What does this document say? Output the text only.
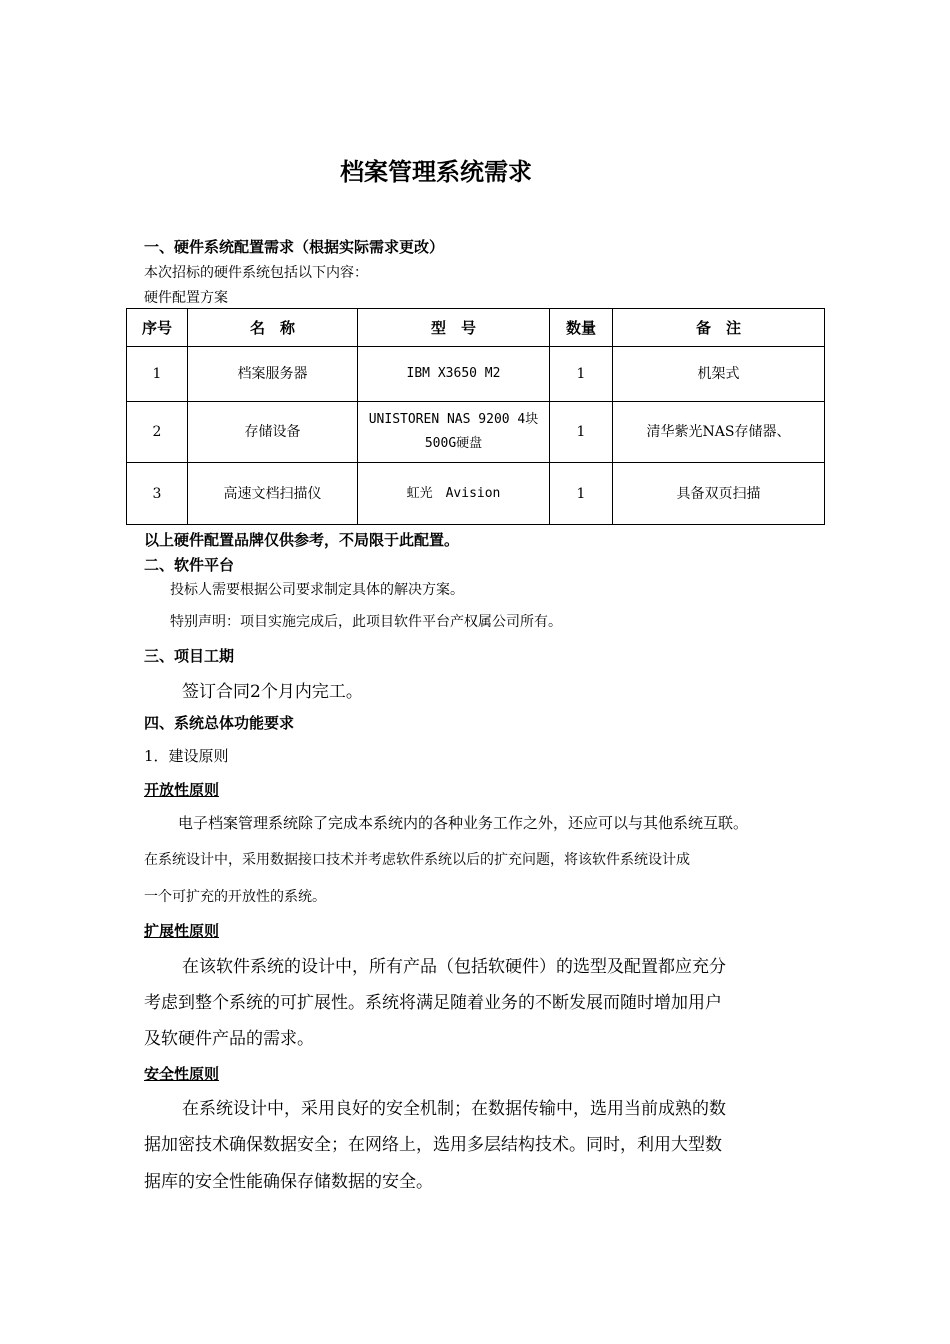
档案管理系统需求
一、硬件系统配置需求（根据实际需求更改）
本次招标的硬件系统包括以下内容：
硬件配置方案
序号	名　称	型　号	数量	备　注
1	档案服务器	IBM X3650 M2	1	机架式
2	存储设备	UNISTOREN NAS 9200 4块500G硬盘	1	清华紫光NAS存储器、
3	高速文档扫描仪	虹光　Avision	1	具备双页扫描
以上硬件配置品牌仅供参考，不局限于此配置。
二、软件平台
投标人需要根据公司要求制定具体的解决方案。
特别声明：项目实施完成后，此项目软件平台产权属公司所有。
三、项目工期
签订合同2个月内完工。
四、系统总体功能要求
1．建设原则
开放性原则
电子档案管理系统除了完成本系统内的各种业务工作之外，还应可以与其他系统互联。
在系统设计中，采用数据接口技术并考虑软件系统以后的扩充问题，将该软件系统设计成
一个可扩充的开放性的系统。
扩展性原则
在该软件系统的设计中，所有产品（包括软硬件）的选型及配置都应充分
考虑到整个系统的可扩展性。系统将满足随着业务的不断发展而随时增加用户
及软硬件产品的需求。
安全性原则
在系统设计中，采用良好的安全机制；在数据传输中，选用当前成熟的数
据加密技术确保数据安全；在网络上，选用多层结构技术。同时，利用大型数
据库的安全性能确保存储数据的安全。
